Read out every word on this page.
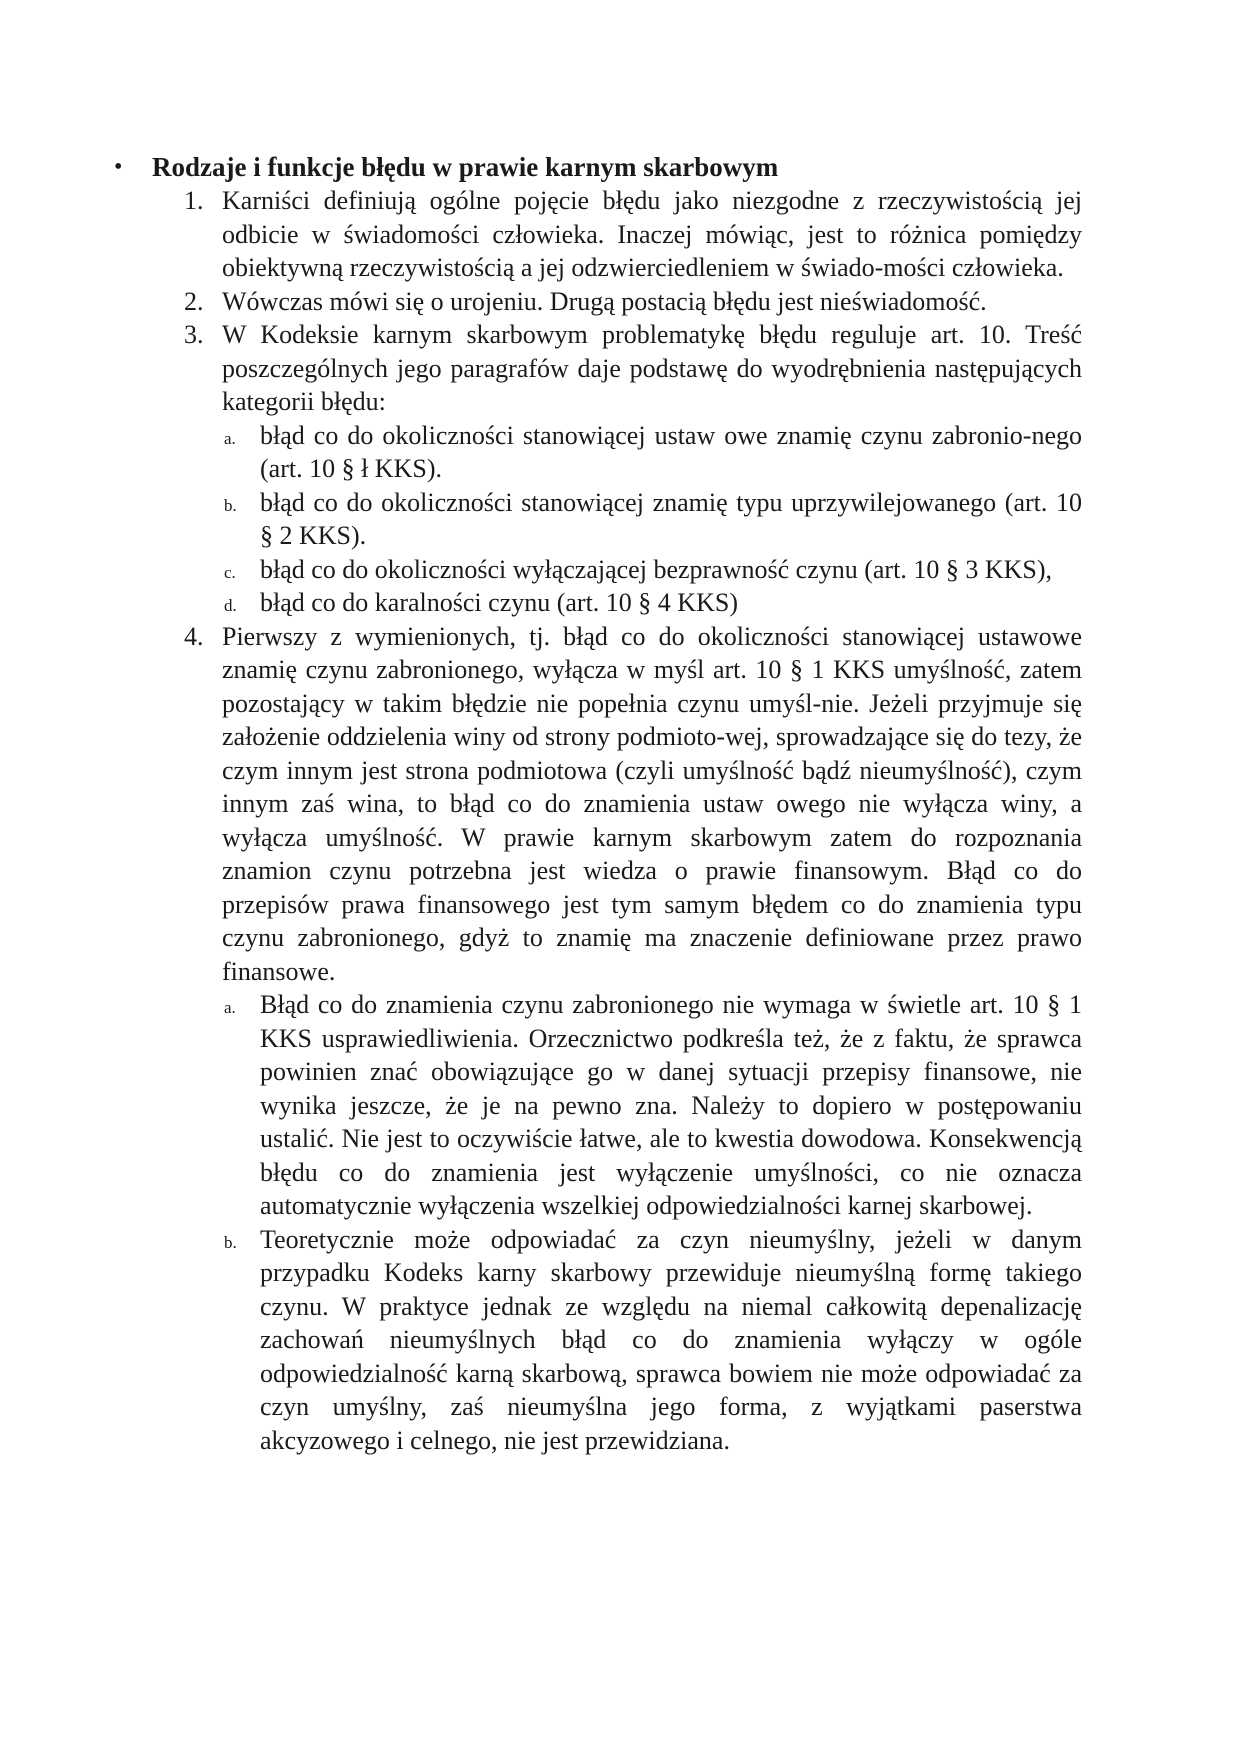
• Rodzaje i funkcje błędu w prawie karnym skarbowym
1. Karniści definiują ogólne pojęcie błędu jako niezgodne z rzeczywistością jej odbicie w świadomości człowieka. Inaczej mówiąc, jest to różnica pomiędzy obiektywną rzeczywistością a jej odzwierciedleniem w świado-mości człowieka.
2. Wówczas mówi się o urojeniu. Drugą postacią błędu jest nieświadomość.
3. W Kodeksie karnym skarbowym problematykę błędu reguluje art. 10. Treść poszczególnych jego paragrafów daje podstawę do wyodrębnienia następujących kategorii błędu:
a. błąd co do okoliczności stanowiącej ustaw owe znamię czynu zabronio-nego (art. 10 § ł KKS).
b. błąd co do okoliczności stanowiącej znamię typu uprzywilejowanego (art. 10 § 2 KKS).
c. błąd co do okoliczności wyłączającej bezprawność czynu (art. 10 § 3 KKS),
d. błąd co do karalności czynu (art. 10 § 4 KKS)
4. Pierwszy z wymienionych, tj. błąd co do okoliczności stanowiącej ustawowe znamię czynu zabronionego, wyłącza w myśl art. 10 § 1 KKS umyślność, zatem pozostający w takim błędzie nie popełnia czynu umyśl-nie. Jeżeli przyjmuje się założenie oddzielenia winy od strony podmioto-wej, sprowadzające się do tezy, że czym innym jest strona podmiotowa (czyli umyślność bądź nieumyślność), czym innym zaś wina, to błąd co do znamienia ustaw owego nie wyłącza winy, a wyłącza umyślność. W prawie karnym skarbowym zatem do rozpoznania znamion czynu potrzebna jest wiedza o prawie finansowym. Błąd co do przepisów prawa finansowego jest tym samym błędem co do znamienia typu czynu zabronionego, gdyż to znamię ma znaczenie definiowane przez prawo finansowe.
a. Błąd co do znamienia czynu zabronionego nie wymaga w świetle art. 10 § 1 KKS usprawiedliwienia. Orzecznictwo podkreśla też, że z faktu, że sprawca powinien znać obowiązujące go w danej sytuacji przepisy finansowe, nie wynika jeszcze, że je na pewno zna. Należy to dopiero w postępowaniu ustalić. Nie jest to oczywiście łatwe, ale to kwestia dowodowa. Konsekwencją błędu co do znamienia jest wyłączenie umyślności, co nie oznacza automatycznie wyłączenia wszelkiej odpowiedzialności karnej skarbowej.
b. Teoretycznie może odpowiadać za czyn nieumyślny, jeżeli w danym przypadku Kodeks karny skarbowy przewiduje nieumyślną formę takiego czynu. W praktyce jednak ze względu na niemal całkowitą depenalizację zachowań nieumyślnych błąd co do znamienia wyłączy w ogóle odpowiedzialność karną skarbową, sprawca bowiem nie może odpowiadać za czyn umyślny, zaś nieumyślna jego forma, z wyjątkami paserstwa akcyzowego i celnego, nie jest przewidziana.
